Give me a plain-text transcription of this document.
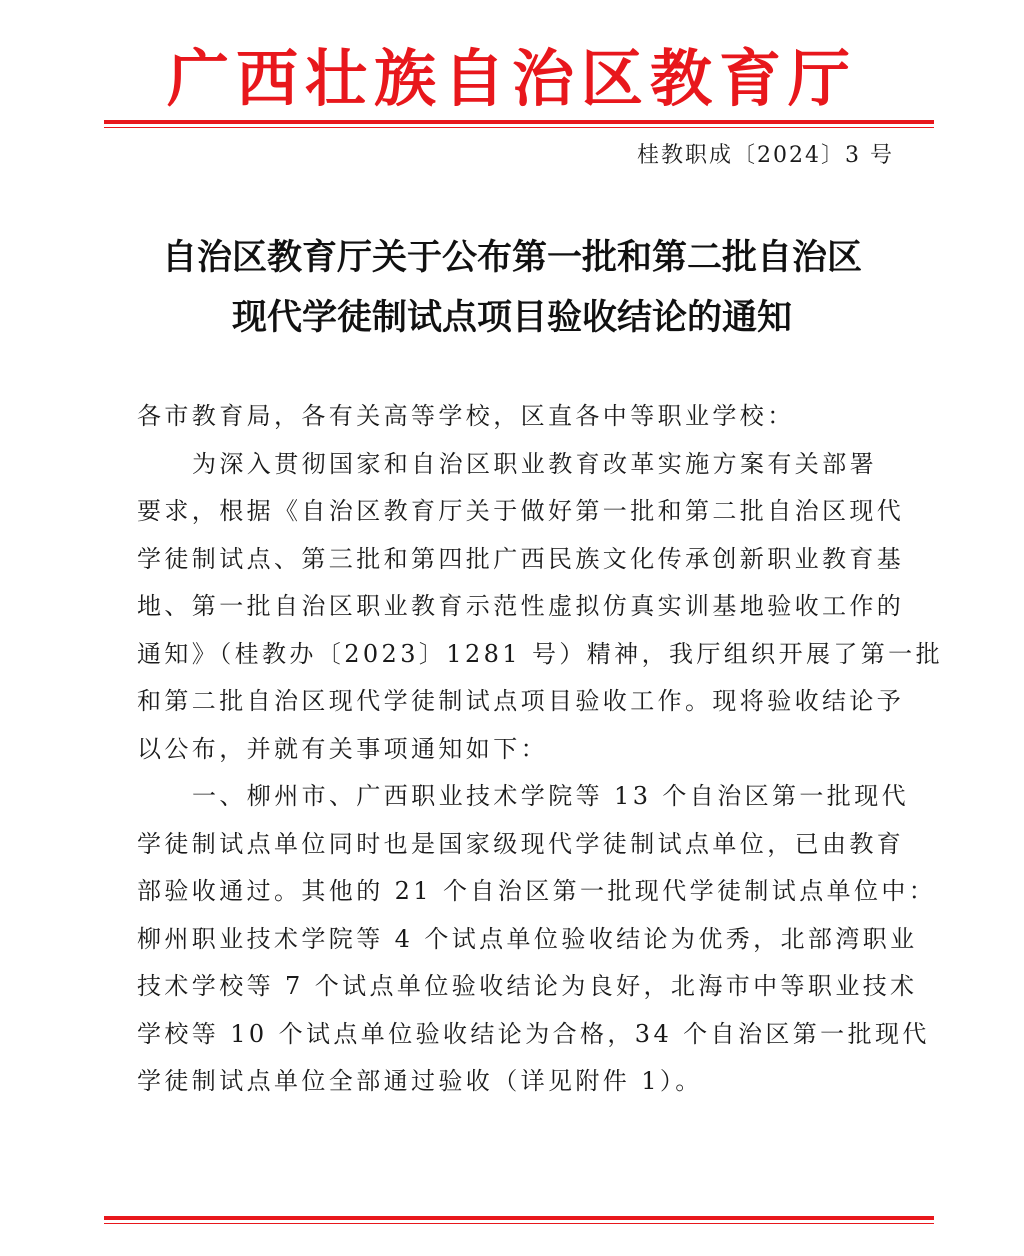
广西壮族自治区教育厅
桂教职成〔2024〕3 号
自治区教育厅关于公布第一批和第二批自治区
现代学徒制试点项目验收结论的通知
各市教育局，各有关高等学校，区直各中等职业学校：
为深入贯彻国家和自治区职业教育改革实施方案有关部署
要求，根据《自治区教育厅关于做好第一批和第二批自治区现代
学徒制试点、第三批和第四批广西民族文化传承创新职业教育基
地、第一批自治区职业教育示范性虚拟仿真实训基地验收工作的
通知》（桂教办〔2023〕1281 号）精神，我厅组织开展了第一批
和第二批自治区现代学徒制试点项目验收工作。现将验收结论予
以公布，并就有关事项通知如下：
一、柳州市、广西职业技术学院等 13 个自治区第一批现代
学徒制试点单位同时也是国家级现代学徒制试点单位，已由教育
部验收通过。其他的 21 个自治区第一批现代学徒制试点单位中：
柳州职业技术学院等 4 个试点单位验收结论为优秀，北部湾职业
技术学校等 7 个试点单位验收结论为良好，北海市中等职业技术
学校等 10 个试点单位验收结论为合格，34 个自治区第一批现代
学徒制试点单位全部通过验收（详见附件 1）。
